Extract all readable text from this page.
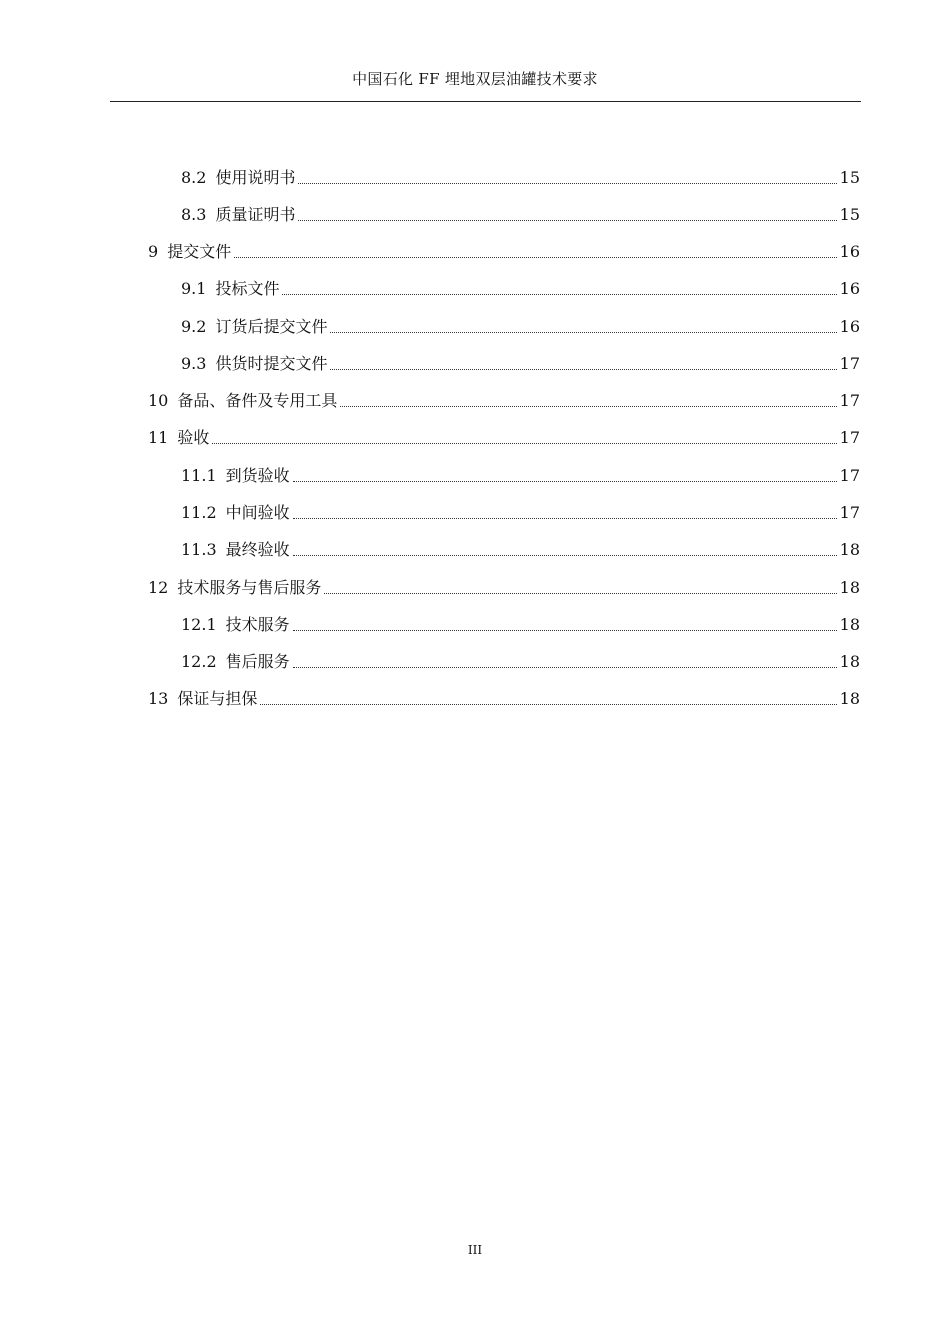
中国石化 FF 埋地双层油罐技术要求
8.2 使用说明书	15
8.3 质量证明书	15
9 提交文件	16
9.1 投标文件	16
9.2 订货后提交文件	16
9.3 供货时提交文件	17
10 备品、备件及专用工具	17
11 验收	17
11.1 到货验收	17
11.2 中间验收	17
11.3 最终验收	18
12 技术服务与售后服务	18
12.1 技术服务	18
12.2 售后服务	18
13 保证与担保	18
III
